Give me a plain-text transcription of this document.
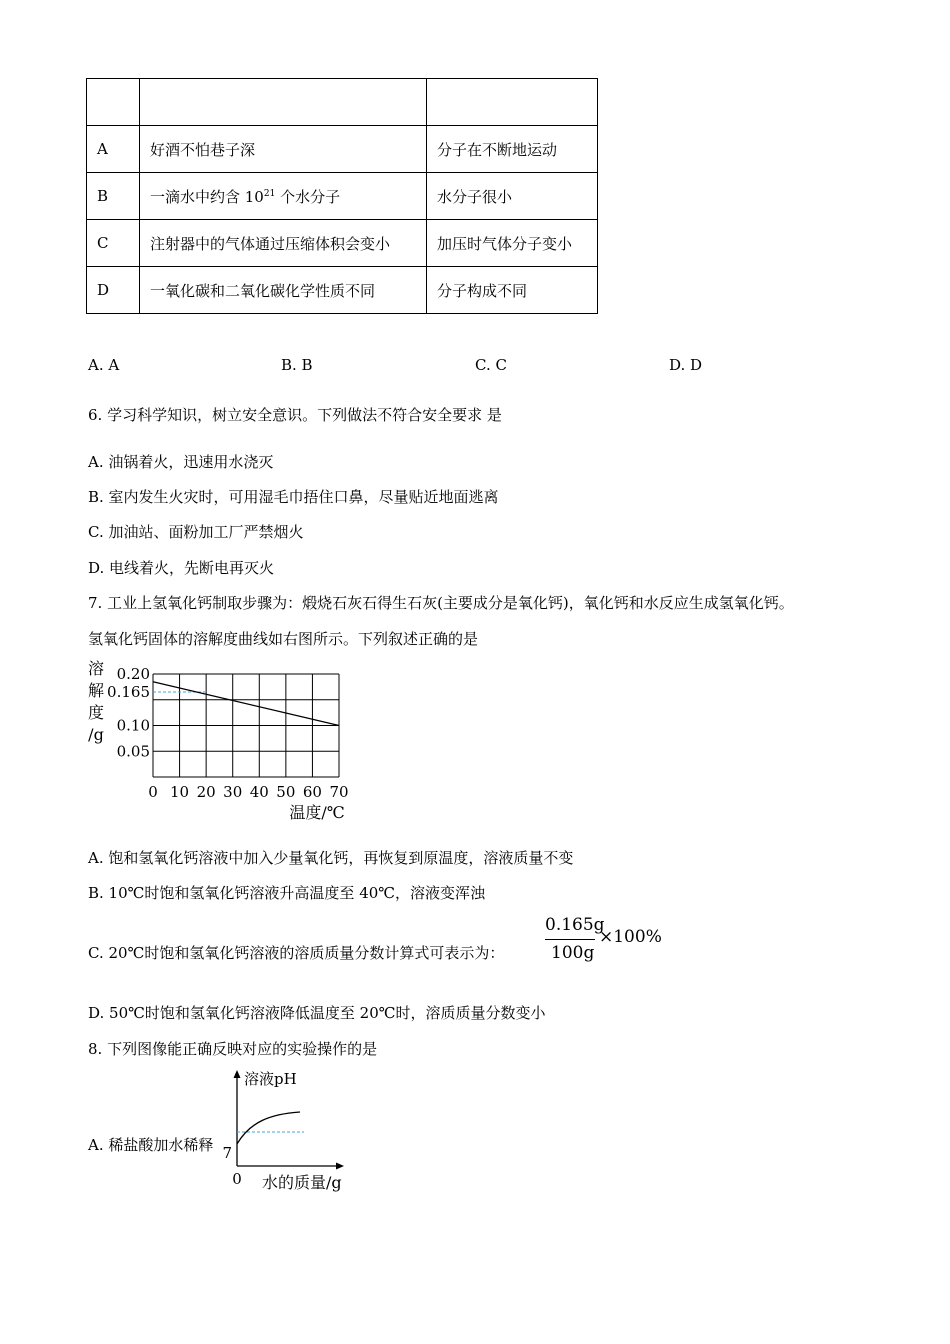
A	好酒不怕巷子深	分子在不断地运动
B	一滴水中约含 $10^{21}$ 个水分子	水分子很小
C	注射器中的气体通过压缩体积会变小	加压时气体分子变小
D	一氧化碳和二氧化碳化学性质不同	分子构成不同
A. A	B. B	C. C	D. D
6. 学习科学知识，树立安全意识。下列做法不符合安全要求 是
A. 油锅着火，迅速用水浇灭
B. 室内发生火灾时，可用湿毛巾捂住口鼻，尽量贴近地面逃离
C. 加油站、面粉加工厂严禁烟火
D. 电线着火，先断电再灭火
7. 工业上氢氧化钙制取步骤为：煅烧石灰石得生石灰(主要成分是氧化钙)，氧化钙和水反应生成氢氧化钙。
氢氧化钙固体的溶解度曲线如右图所示。下列叙述正确的是
0.20
0.165
0.10
0.05
0 10 20 30 40 50 60 70
溶
解
度
/g
温度/℃
A. 饱和氢氧化钙溶液中加入少量氧化钙，再恢复到原温度，溶液质量不变
B. 10℃时饱和氢氧化钙溶液升高温度至 40℃，溶液变浑浊
C. 20℃时饱和氢氧化钙溶液的溶质质量分数计算式可表示为：
0.165g
100g
×100%
D. 50℃时饱和氢氧化钙溶液降低温度至 20℃时，溶质质量分数变小
8. 下列图像能正确反映对应的实验操作的是
A. 稀盐酸加水稀释
溶液pH
7
0 水的质量/g
